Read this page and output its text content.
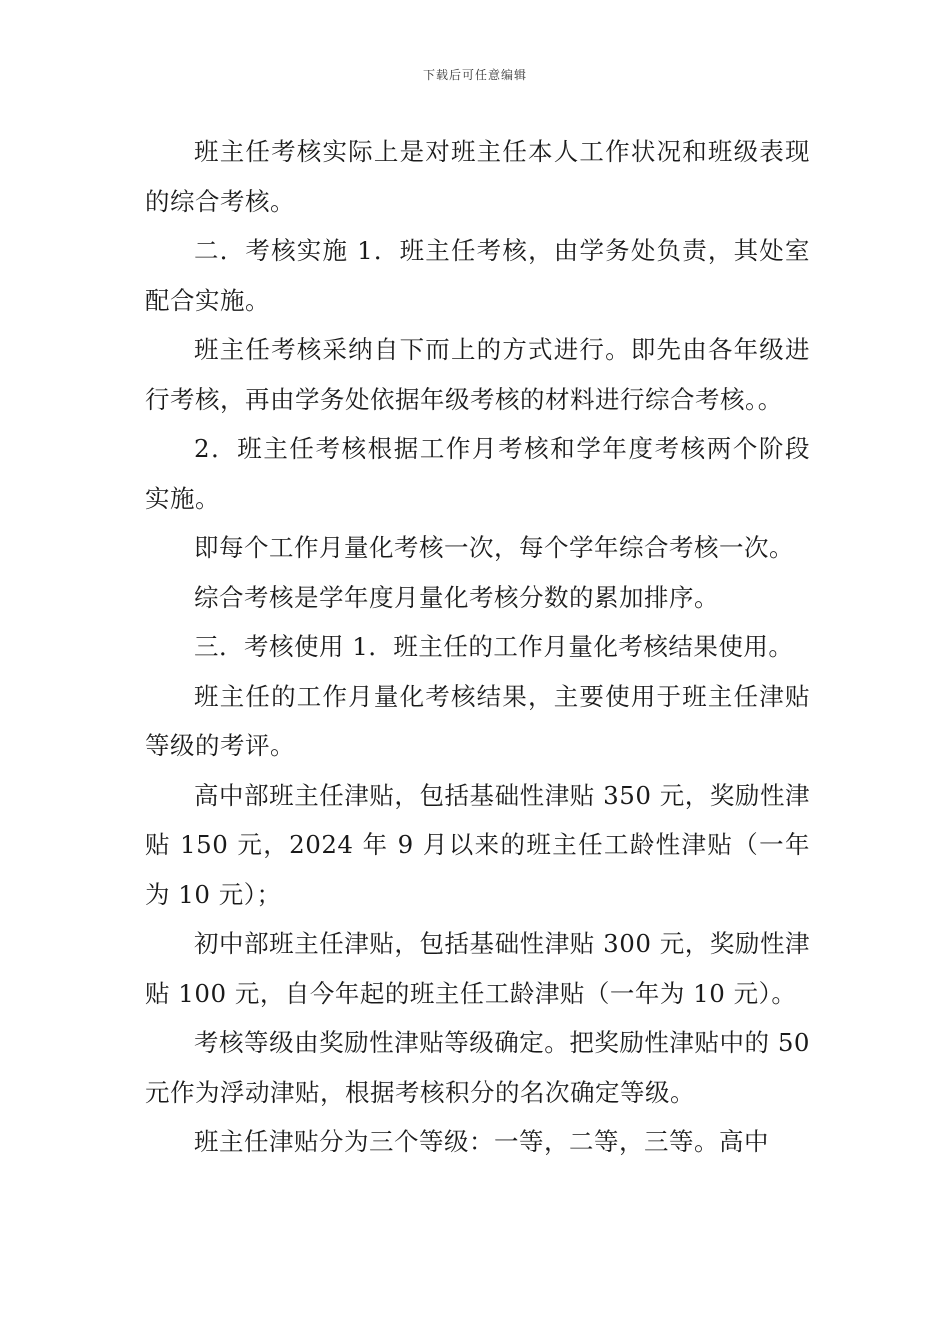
下载后可任意编辑

班主任考核实际上是对班主任本人工作状况和班级表现的综合考核。

二．考核实施 1．班主任考核，由学务处负责，其处室配合实施。

班主任考核采纳自下而上的方式进行。即先由各年级进行考核，再由学务处依据年级考核的材料进行综合考核。。

2．班主任考核根据工作月考核和学年度考核两个阶段实施。

即每个工作月量化考核一次，每个学年综合考核一次。

综合考核是学年度月量化考核分数的累加排序。

三．考核使用 1．班主任的工作月量化考核结果使用。

班主任的工作月量化考核结果，主要使用于班主任津贴等级的考评。

高中部班主任津贴，包括基础性津贴 350 元，奖励性津贴 150 元，2024 年 9 月以来的班主任工龄性津贴（一年为 10 元）；

初中部班主任津贴，包括基础性津贴 300 元，奖励性津贴 100 元，自今年起的班主任工龄津贴（一年为 10 元）。

考核等级由奖励性津贴等级确定。把奖励性津贴中的 50 元作为浮动津贴，根据考核积分的名次确定等级。

班主任津贴分为三个等级：一等，二等，三等。高中
